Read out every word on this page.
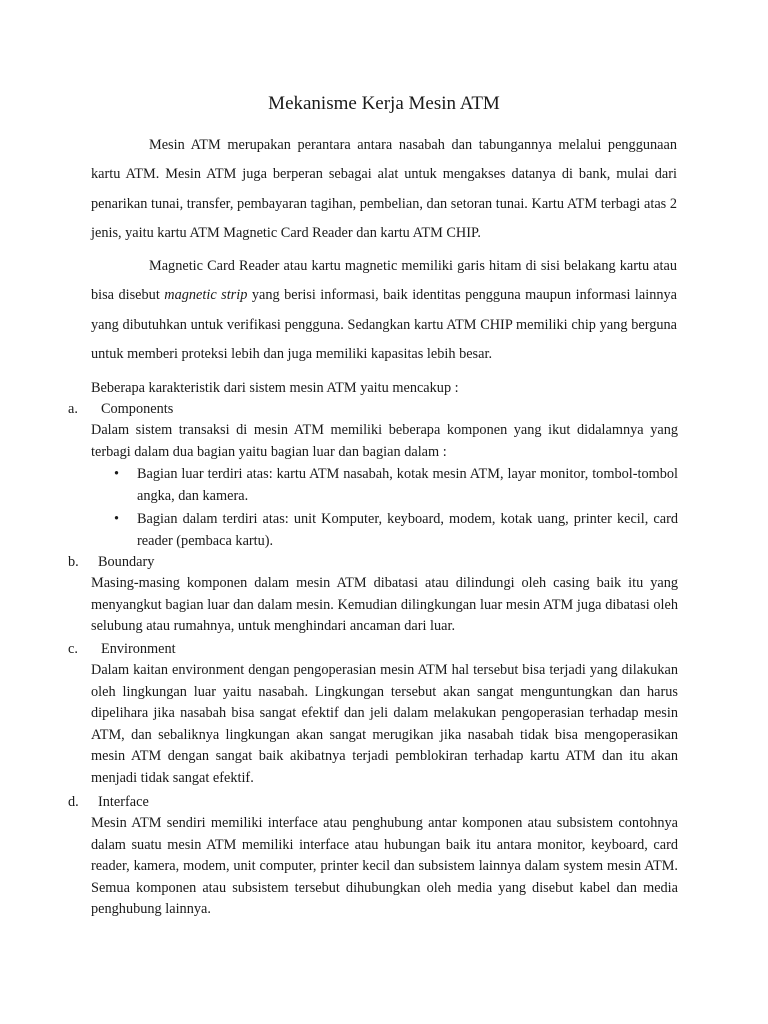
Mekanisme Kerja Mesin ATM

Mesin ATM merupakan perantara antara nasabah dan tabungannya melalui penggunaan kartu ATM. Mesin ATM juga berperan sebagai alat untuk mengakses datanya di bank, mulai dari penarikan tunai, transfer, pembayaran tagihan, pembelian, dan setoran tunai. Kartu ATM terbagi atas 2 jenis, yaitu kartu ATM Magnetic Card Reader dan kartu ATM CHIP.

Magnetic Card Reader atau kartu magnetic memiliki garis hitam di sisi belakang kartu atau bisa disebut magnetic strip yang berisi informasi, baik identitas pengguna maupun informasi lainnya yang dibutuhkan untuk verifikasi pengguna. Sedangkan kartu ATM CHIP memiliki chip yang berguna untuk memberi proteksi lebih dan juga memiliki kapasitas lebih besar.

Beberapa karakteristik dari sistem mesin ATM yaitu mencakup :

a. Components

Dalam sistem transaksi di mesin ATM memiliki beberapa komponen yang ikut didalamnya yang terbagi dalam dua bagian yaitu bagian luar dan bagian dalam :

• Bagian luar terdiri atas: kartu ATM nasabah, kotak mesin ATM, layar monitor, tombol-tombol angka, dan kamera.

• Bagian dalam terdiri atas: unit Komputer, keyboard, modem, kotak uang, printer kecil, card reader (pembaca kartu).

b. Boundary

Masing-masing komponen dalam mesin ATM dibatasi atau dilindungi oleh casing baik itu yang menyangkut bagian luar dan dalam mesin. Kemudian dilingkungan luar mesin ATM juga dibatasi oleh selubung atau rumahnya, untuk menghindari ancaman dari luar.

c. Environment

Dalam kaitan environment dengan pengoperasian mesin ATM hal tersebut bisa terjadi yang dilakukan oleh lingkungan luar yaitu nasabah. Lingkungan tersebut akan sangat menguntungkan dan harus dipelihara jika nasabah bisa sangat efektif dan jeli dalam melakukan pengoperasian terhadap mesin ATM, dan sebaliknya lingkungan akan sangat merugikan jika nasabah tidak bisa mengoperasikan mesin ATM dengan sangat baik akibatnya terjadi pemblokiran terhadap kartu ATM dan itu akan menjadi tidak sangat efektif.

d. Interface

Mesin ATM sendiri memiliki interface atau penghubung antar komponen atau subsistem contohnya dalam suatu mesin ATM memiliki interface atau hubungan baik itu antara monitor, keyboard, card reader, kamera, modem, unit computer, printer kecil dan subsistem lainnya dalam system mesin ATM. Semua komponen atau subsistem tersebut dihubungkan oleh media yang disebut kabel dan media penghubung lainnya.
